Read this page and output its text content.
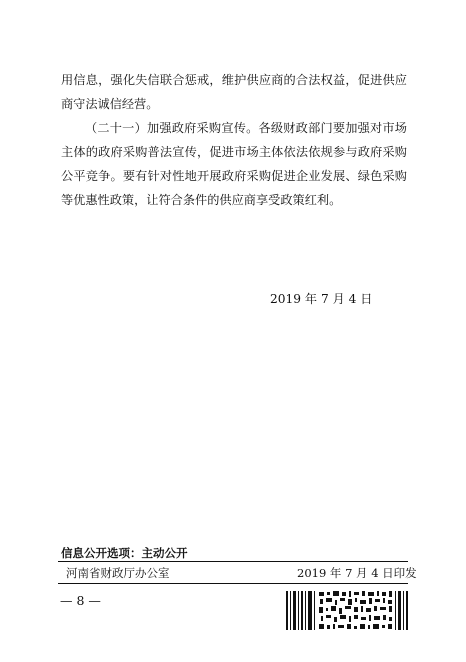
用信息，强化失信联合惩戒，维护供应商的合法权益，促进供应

商守法诚信经营。

（二十一）加强政府采购宣传。各级财政部门要加强对市场

主体的政府采购普法宣传，促进市场主体依法依规参与政府采购

公平竞争。要有针对性地开展政府采购促进企业发展、绿色采购

等优惠性政策，让符合条件的供应商享受政策红利。

2019 年 7 月 4 日
信息公开选项：主动公开
河南省财政厅办公室	2019 年 7 月 4 日印发
— 8 —
